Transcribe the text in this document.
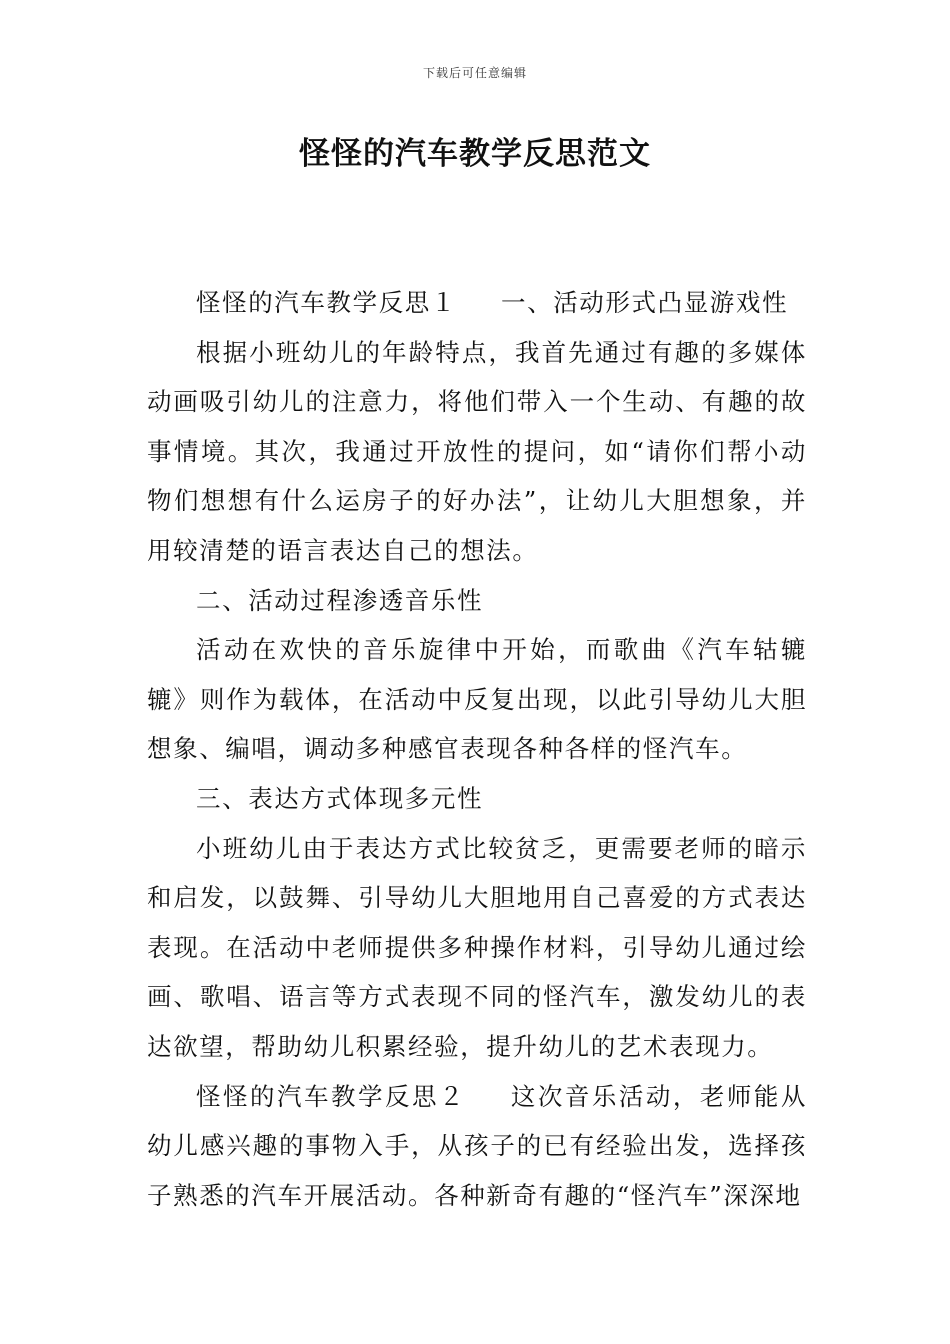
下载后可任意编辑
怪怪的汽车教学反思范文

怪怪的汽车教学反思１ 一、活动形式凸显游戏性

根据小班幼儿的年龄特点，我首先通过有趣的多媒体动画吸引幼儿的注意力，将他们带入一个生动、有趣的故事情境。其次，我通过开放性的提问，如“请你们帮小动物们想想有什么运房子的好办法”，让幼儿大胆想象，并用较清楚的语言表达自己的想法。

二、活动过程渗透音乐性

活动在欢快的音乐旋律中开始，而歌曲《汽车轱辘辘》则作为载体，在活动中反复出现，以此引导幼儿大胆想象、编唱，调动多种感官表现各种各样的怪汽车。

三、表达方式体现多元性

小班幼儿由于表达方式比较贫乏，更需要老师的暗示和启发，以鼓舞、引导幼儿大胆地用自己喜爱的方式表达表现。在活动中老师提供多种操作材料，引导幼儿通过绘画、歌唱、语言等方式表现不同的怪汽车，激发幼儿的表达欲望，帮助幼儿积累经验，提升幼儿的艺术表现力。

怪怪的汽车教学反思２ 这次音乐活动，老师能从幼儿感兴趣的事物入手，从孩子的已有经验出发，选择孩子熟悉的汽车开展活动。各种新奇有趣的“怪汽车”深深地
